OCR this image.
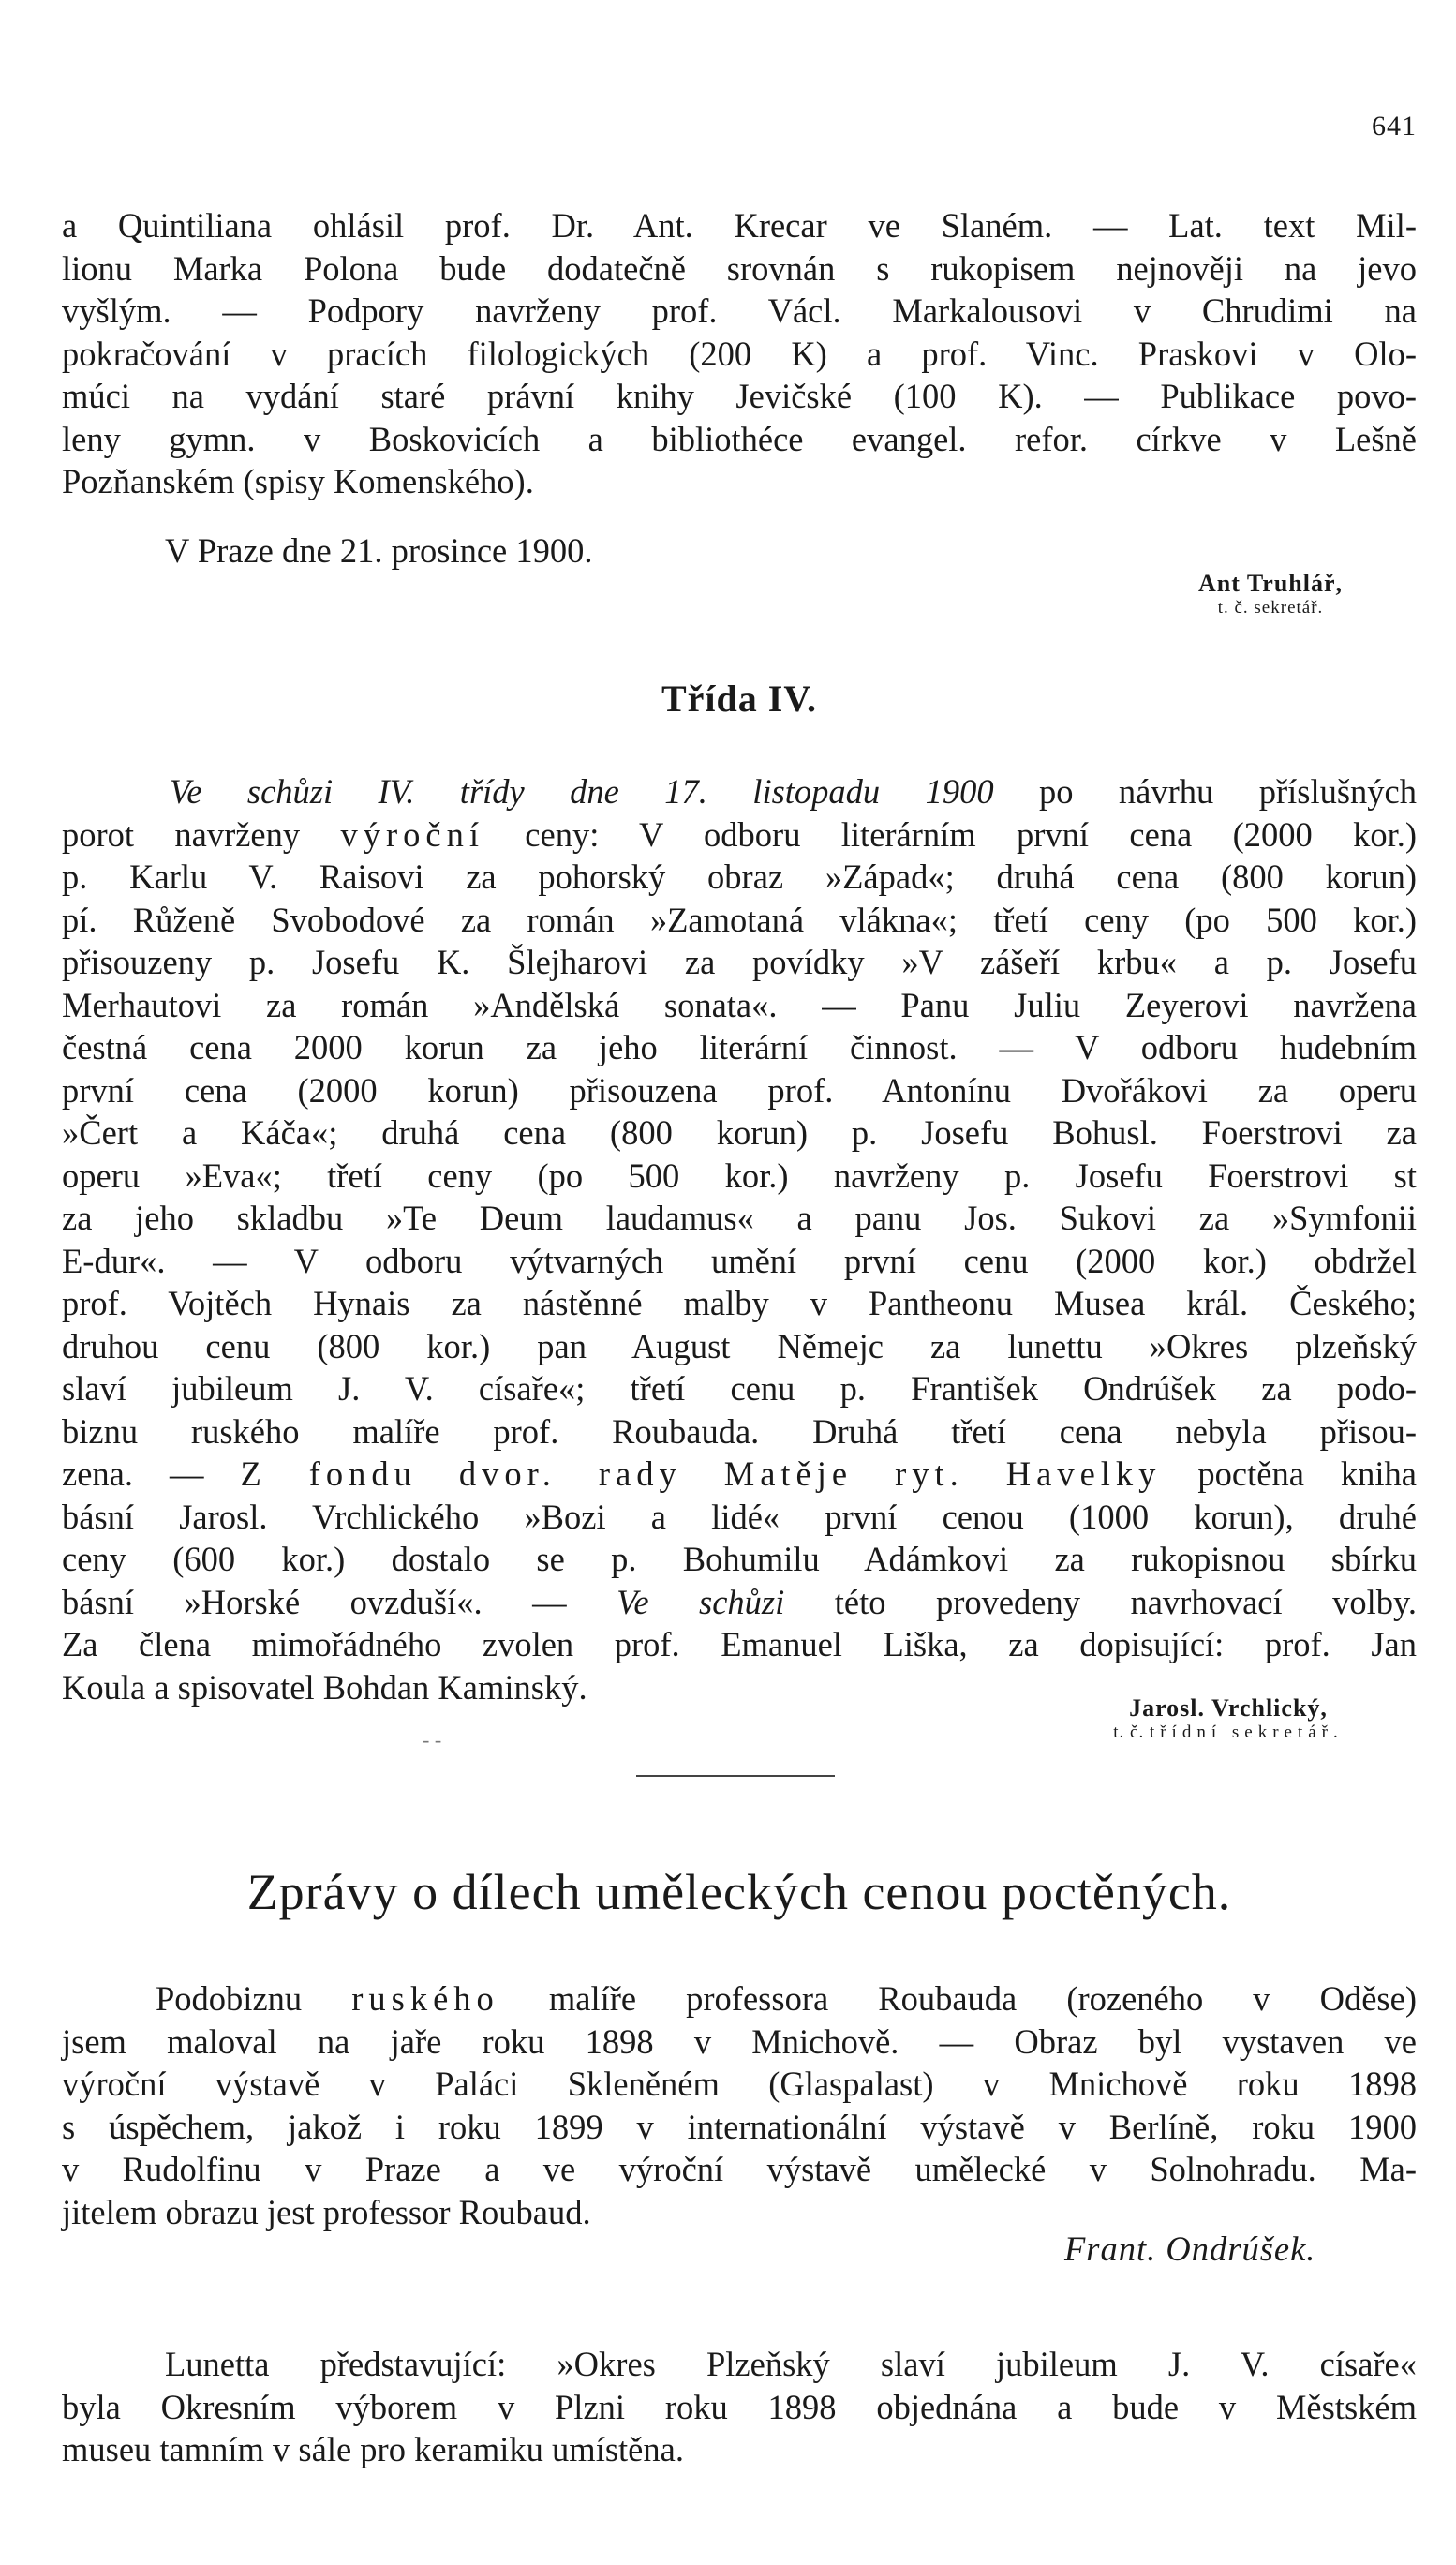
641
a Quintiliana ohlásil prof. Dr. Ant. Krecar ve Slaném. — Lat. text Mil-
lionu Marka Polona bude dodatečně srovnán s rukopisem nejnověji na jevo
vyšlým. — Podpory navrženy prof. Václ. Markalousovi v Chrudimi na
pokračování v pracích filologických (200 K) a prof. Vinc. Praskovi v Olo-
múci na vydání staré právní knihy Jevičské (100 K). — Publikace povo-
leny gymn. v Boskovicích a bibliothéce evangel. refor. církve v Lešně
Pozňanském (spisy Komenského).
V Praze dne 21. prosince 1900.
Ant Truhlář,
t. č. sekretář.
Třída IV.
Ve schůzi IV. třídy dne 17. listopadu 1900 po návrhu příslušných
porot navrženy výroční ceny: V odboru literárním první cena (2000 kor.)
p. Karlu V. Raisovi za pohorský obraz »Západ«; druhá cena (800 korun)
pí. Růženě Svobodové za román »Zamotaná vlákna«; třetí ceny (po 500 kor.)
přisouzeny p. Josefu K. Šlejharovi za povídky »V zášeří krbu« a p. Josefu
Merhautovi za román »Andělská sonata«. — Panu Juliu Zeyerovi navržena
čestná cena 2000 korun za jeho literární činnost. — V odboru hudebním
první cena (2000 korun) přisouzena prof. Antonínu Dvořákovi za operu
»Čert a Káča«; druhá cena (800 korun) p. Josefu Bohusl. Foerstrovi za
operu »Eva«; třetí ceny (po 500 kor.) navrženy p. Josefu Foerstrovi st
za jeho skladbu »Te Deum laudamus« a panu Jos. Sukovi za »Symfonii
E-dur«. — V odboru výtvarných umění první cenu (2000 kor.) obdržel
prof. Vojtěch Hynais za nástěnné malby v Pantheonu Musea král. Českého;
druhou cenu (800 kor.) pan August Němejc za lunettu »Okres plzeňský
slaví jubileum J. V. císaře«; třetí cenu p. František Ondrúšek za podo-
biznu ruského malíře prof. Roubauda. Druhá třetí cena nebyla přisou-
zena. — Z fondu dvor. rady Matěje ryt. Havelky poctěna kniha
básní Jarosl. Vrchlického »Bozi a lidé« první cenou (1000 korun), druhé
ceny (600 kor.) dostalo se p. Bohumilu Adámkovi za rukopisnou sbírku
básní »Horské ovzduší«. — Ve schůzi této provedeny navrhovací volby.
Za člena mimořádného zvolen prof. Emanuel Liška, za dopisující: prof. Jan
Koula a spisovatel Bohdan Kaminský.
Jarosl. Vrchlický,
t. č. třídní sekretář.
- -
Zprávy o dílech uměleckých cenou poctěných.
Podobiznu ruského malíře professora Roubauda (rozeného v Oděse)
jsem maloval na jaře roku 1898 v Mnichově. — Obraz byl vystaven ve
výroční výstavě v Paláci Skleněném (Glaspalast) v Mnichově roku 1898
s úspěchem, jakož i roku 1899 v internationální výstavě v Berlíně, roku 1900
v Rudolfinu v Praze a ve výroční výstavě umělecké v Solnohradu. Ma-
jitelem obrazu jest professor Roubaud.
Frant. Ondrúšek.
Lunetta představující: »Okres Plzeňský slaví jubileum J. V. císaře«
byla Okresním výborem v Plzni roku 1898 objednána a bude v Městském
museu tamním v sále pro keramiku umístěna.
